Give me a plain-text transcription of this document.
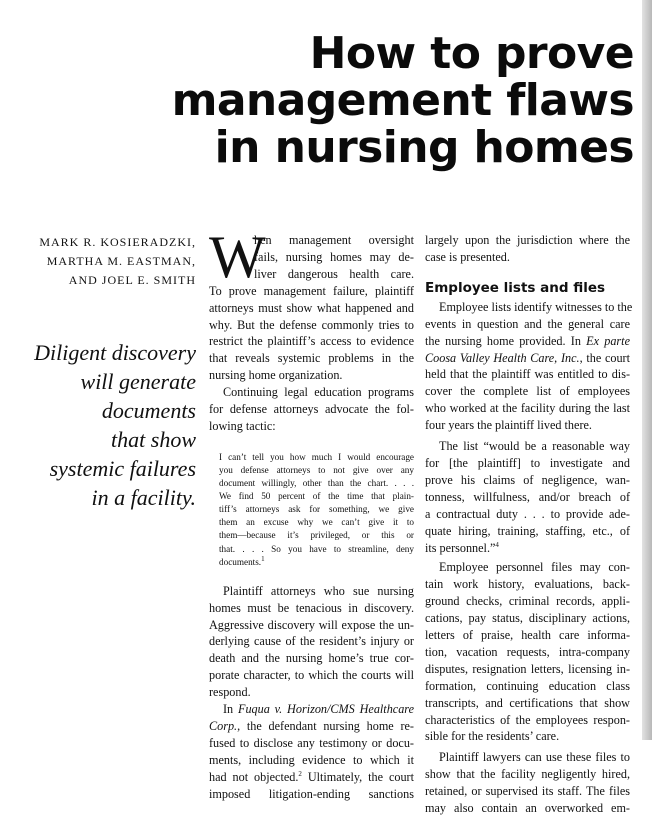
How to prove
management flaws
in nursing homes
MARK R. KOSIERADZKI,
MARTHA M. EASTMAN,
AND JOEL E. SMITH
Diligent discovery
will generate
documents
that show
systemic failures
in a facility.
W
hen management oversight
fails, nursing homes may de-
liver dangerous health care.
To prove management failure, plaintiff
attorneys must show what happened and
why. But the defense commonly tries to
restrict the plaintiff’s access to evidence
that reveals systemic problems in the
nursing home organization.
Continuing legal education programs
for defense attorneys advocate the fol-
lowing tactic:
I can’t tell you how much I would encourage
you defense attorneys to not give over any
document willingly, other than the chart. . . .
We find 50 percent of the time that plain-
tiff’s attorneys ask for something, we give
them an excuse why we can’t give it to
them—because it’s privileged, or this or
that. . . . So you have to streamline, deny
documents.$^1$
Plaintiff attorneys who sue nursing
homes must be tenacious in discovery.
Aggressive discovery will expose the un-
derlying cause of the resident’s injury or
death and the nursing home’s true cor-
porate character, to which the courts will
respond.
In Fuqua v. Horizon/CMS Healthcare
Corp., the defendant nursing home re-
fused to disclose any testimony or docu-
ments, including evidence to which it
had not objected.$^2$ Ultimately, the court
imposed litigation-ending sanctions
largely upon the jurisdiction where the
case is presented.
Employee lists and files
Employee lists identify witnesses to the
events in question and the general care
the nursing home provided. In Ex parte
Coosa Valley Health Care, Inc., the court
held that the plaintiff was entitled to dis-
cover the complete list of employees
who worked at the facility during the last
four years the plaintiff lived there.
The list “would be a reasonable way
for [the plaintiff] to investigate and
prove his claims of negligence, wan-
tonness, willfulness, and/or breach of
a contractual duty . . . to provide ade-
quate hiring, training, staffing, etc., of
its personnel.”$^4$
Employee personnel files may con-
tain work history, evaluations, back-
ground checks, criminal records, appli-
cations, pay status, disciplinary actions,
letters of praise, health care informa-
tion, vacation requests, intra-company
disputes, resignation letters, licensing in-
formation, continuing education class
transcripts, and certifications that show
characteristics of the employees respon-
sible for the residents’ care.
Plaintiff lawyers can use these files to
show that the facility negligently hired,
retained, or supervised its staff. The files
may also contain an overworked em-
